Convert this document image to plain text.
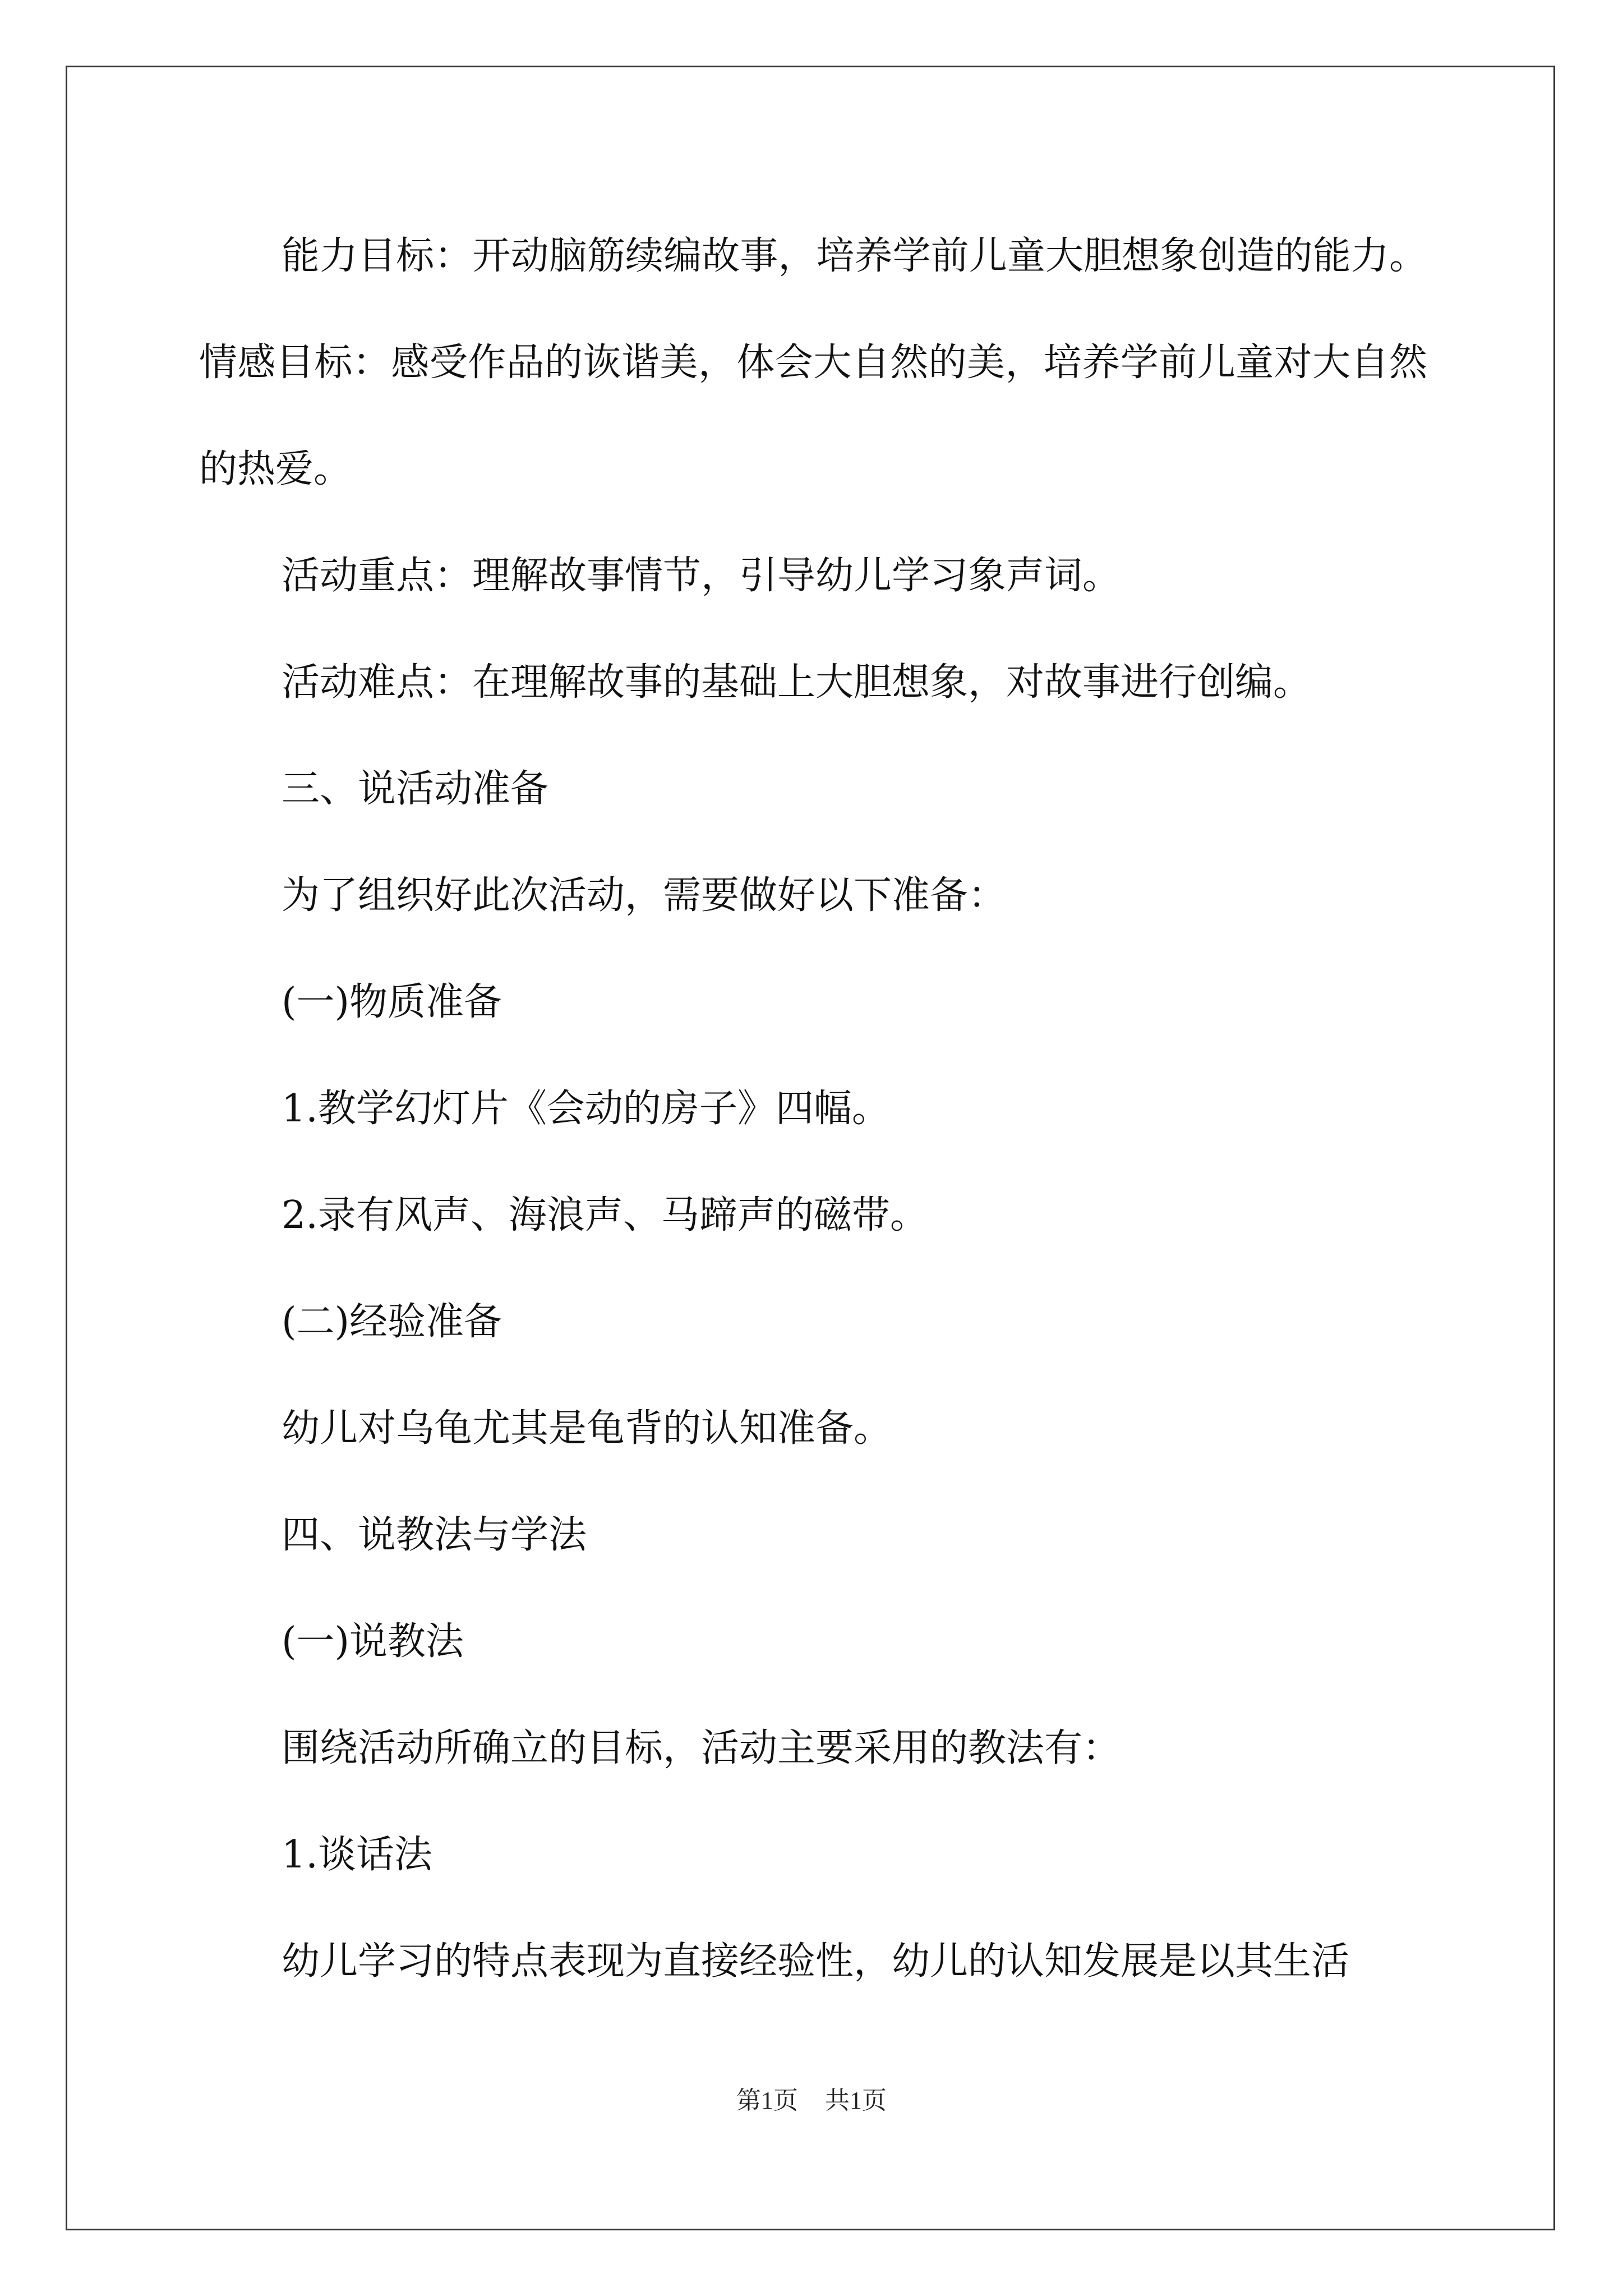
能力目标：开动脑筋续编故事，培养学前儿童大胆想象创造的能力。 情感目标：感受作品的诙谐美，体会大自然的美，培养学前儿童对大自然的热爱。

活动重点：理解故事情节，引导幼儿学习象声词。

活动难点：在理解故事的基础上大胆想象，对故事进行创编。

三、说活动准备

为了组织好此次活动，需要做好以下准备：

(一)物质准备

1.教学幻灯片《会动的房子》四幅。

2.录有风声、海浪声、马蹄声的磁带。

(二)经验准备

幼儿对乌龟尤其是龟背的认知准备。

四、说教法与学法

(一)说教法

围绕活动所确立的目标，活动主要采用的教法有：

1.谈话法

幼儿学习的特点表现为直接经验性，幼儿的认知发展是以其生活

第1页 共1页
